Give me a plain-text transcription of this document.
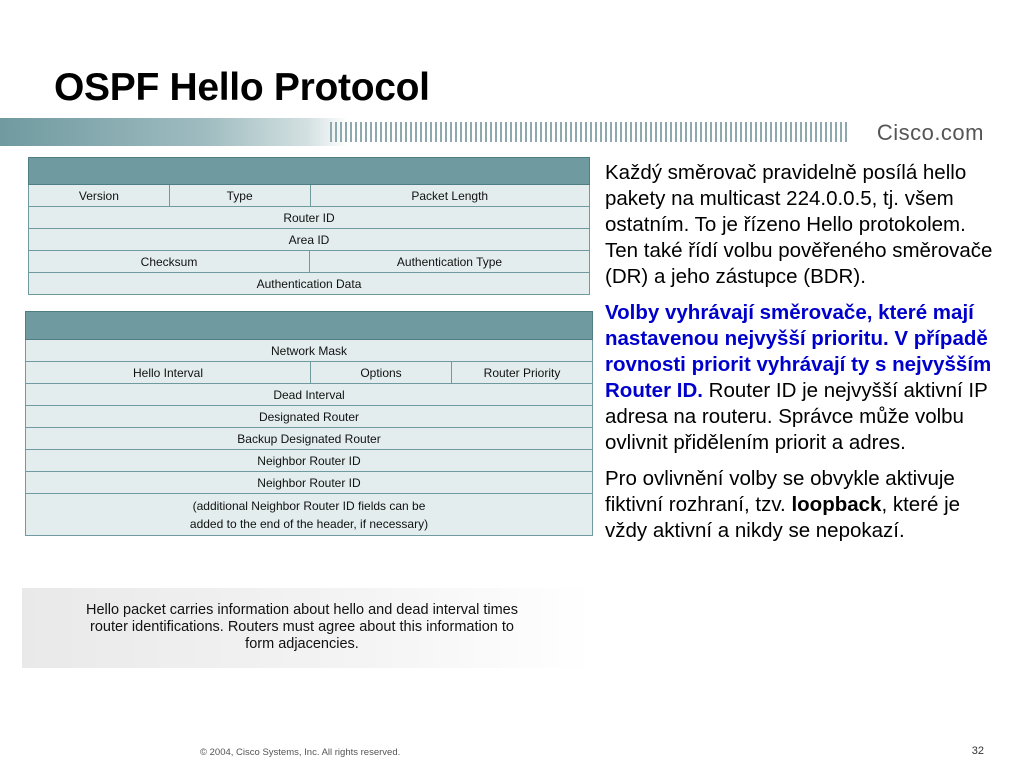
OSPF Hello Protocol
Cisco.com
Version	Type	Packet Length
Router ID
Area ID
Checksum	Authentication Type
Authentication Data
Network Mask
Hello Interval	Options	Router Priority
Dead Interval
Designated Router
Backup Designated Router
Neighbor Router ID
Neighbor Router ID
(additional Neighbor Router ID fields can be
added to the end of the header, if necessary)
Hello packet carries information about hello and dead interval times
router identifications. Routers must agree about this information to
form adjacencies.

Každý směrovač pravidelně posílá hello pakety na multicast 224.0.0.5, tj. všem ostatním. To je řízeno Hello protokolem. Ten také řídí volbu pověřeného směrovače (DR) a jeho zástupce (BDR).

Volby vyhrávají směrovače, které mají nastavenou nejvyšší prioritu. V případě rovnosti priorit vyhrávají ty s nejvyšším Router ID. Router ID je nejvyšší aktivní IP adresa na routeru. Správce může volbu ovlivnit přidělením priorit a adres.

Pro ovlivnění volby se obvykle aktivuje fiktivní rozhraní, tzv. loopback, které je vždy aktivní a nikdy se nepokazí.

© 2004, Cisco Systems, Inc. All rights reserved.	32
